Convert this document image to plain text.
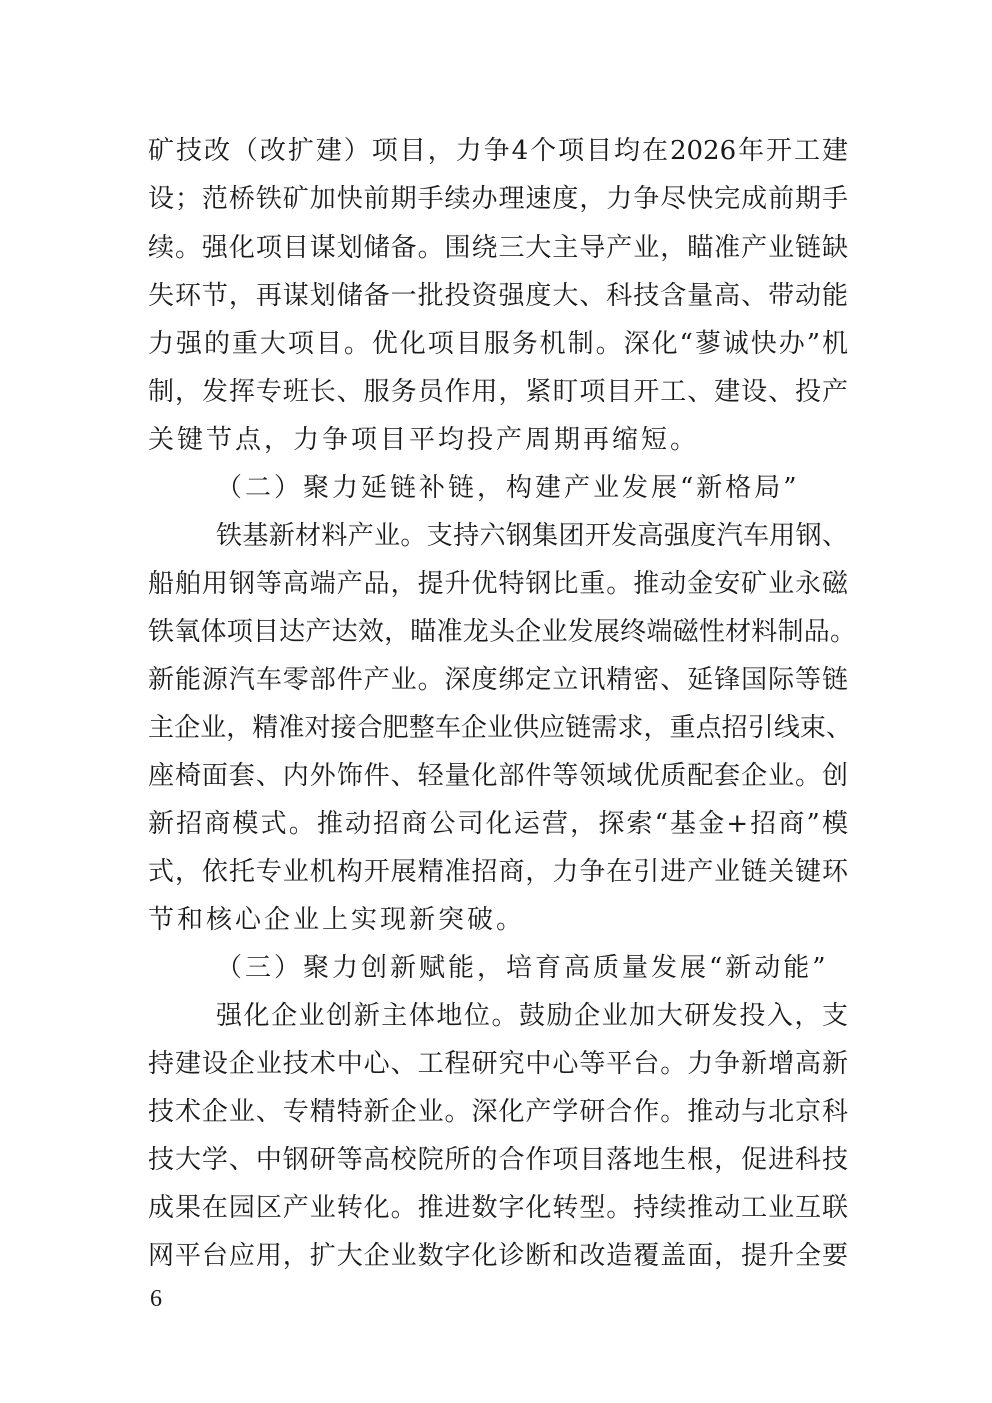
矿技改（改扩建）项目，力争4个项目均在2026年开工建
设；范桥铁矿加快前期手续办理速度，力争尽快完成前期手
续。强化项目谋划储备。围绕三大主导产业，瞄准产业链缺
失环节，再谋划储备一批投资强度大、科技含量高、带动能
力强的重大项目。优化项目服务机制。深化“蓼诚快办”机
制，发挥专班长、服务员作用，紧盯项目开工、建设、投产
关键节点，力争项目平均投产周期再缩短。
（二）聚力延链补链，构建产业发展“新格局”
铁基新材料产业。支持六钢集团开发高强度汽车用钢、
船舶用钢等高端产品，提升优特钢比重。推动金安矿业永磁
铁氧体项目达产达效，瞄准龙头企业发展终端磁性材料制品。
新能源汽车零部件产业。深度绑定立讯精密、延锋国际等链
主企业，精准对接合肥整车企业供应链需求，重点招引线束、
座椅面套、内外饰件、轻量化部件等领域优质配套企业。创
新招商模式。推动招商公司化运营，探索“基金+招商”模
式，依托专业机构开展精准招商，力争在引进产业链关键环
节和核心企业上实现新突破。
（三）聚力创新赋能，培育高质量发展“新动能”
强化企业创新主体地位。鼓励企业加大研发投入，支
持建设企业技术中心、工程研究中心等平台。力争新增高新
技术企业、专精特新企业。深化产学研合作。推动与北京科
技大学、中钢研等高校院所的合作项目落地生根，促进科技
成果在园区产业转化。推进数字化转型。持续推动工业互联
网平台应用，扩大企业数字化诊断和改造覆盖面，提升全要
6
